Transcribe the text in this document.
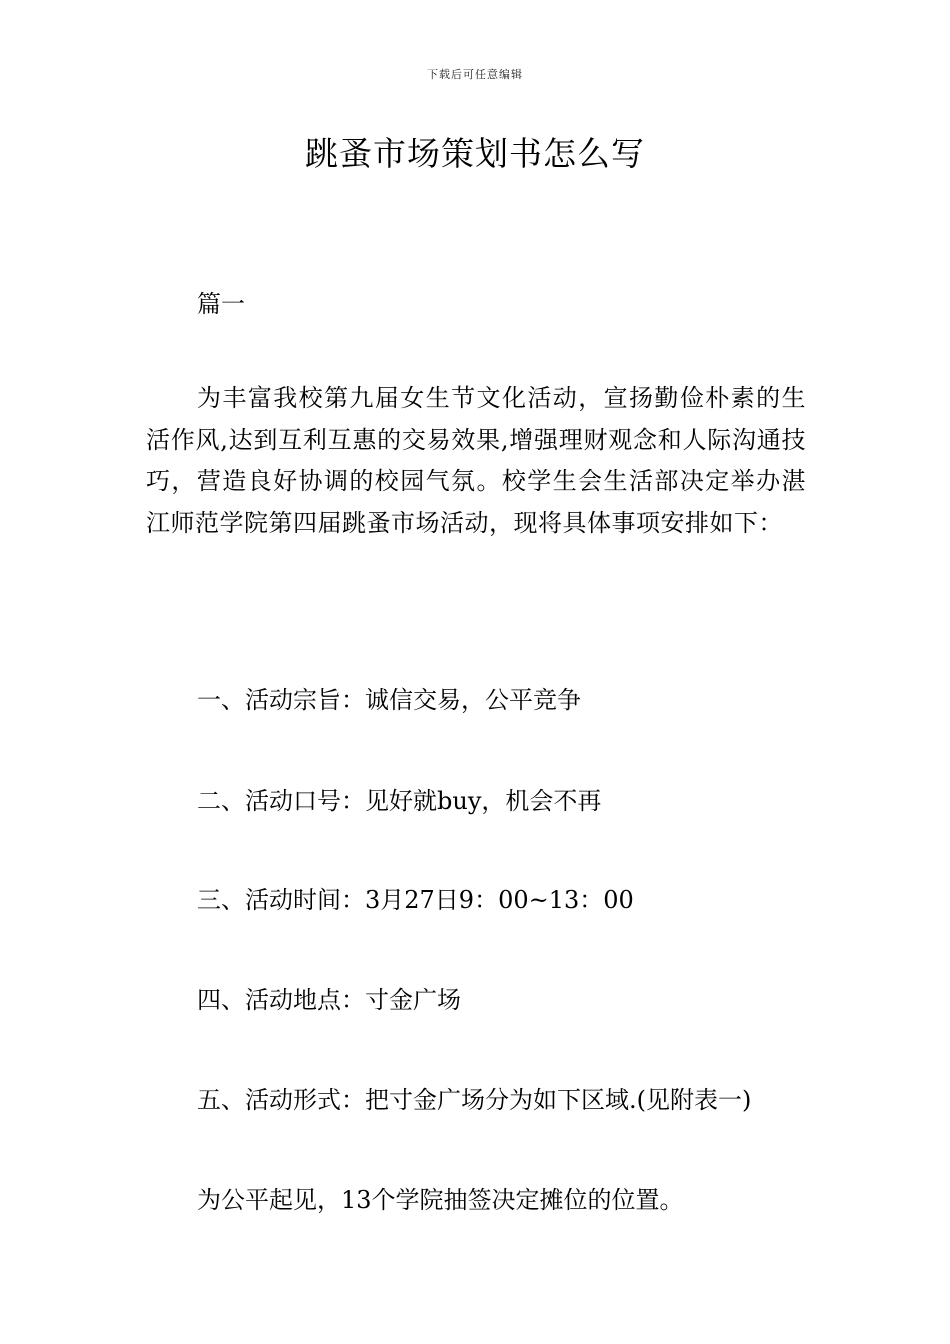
下载后可任意编辑
跳蚤市场策划书怎么写
篇一
为丰富我校第九届女生节文化活动，宣扬勤俭朴素的生活作风,达到互利互惠的交易效果,增强理财观念和人际沟通技巧，营造良好协调的校园气氛。校学生会生活部决定举办湛江师范学院第四届跳蚤市场活动，现将具体事项安排如下：
一、活动宗旨：诚信交易，公平竞争
二、活动口号：见好就buy，机会不再
三、活动时间：3月27日9：00~13：00
四、活动地点：寸金广场
五、活动形式：把寸金广场分为如下区域.(见附表一)
为公平起见，13个学院抽签决定摊位的位置。
